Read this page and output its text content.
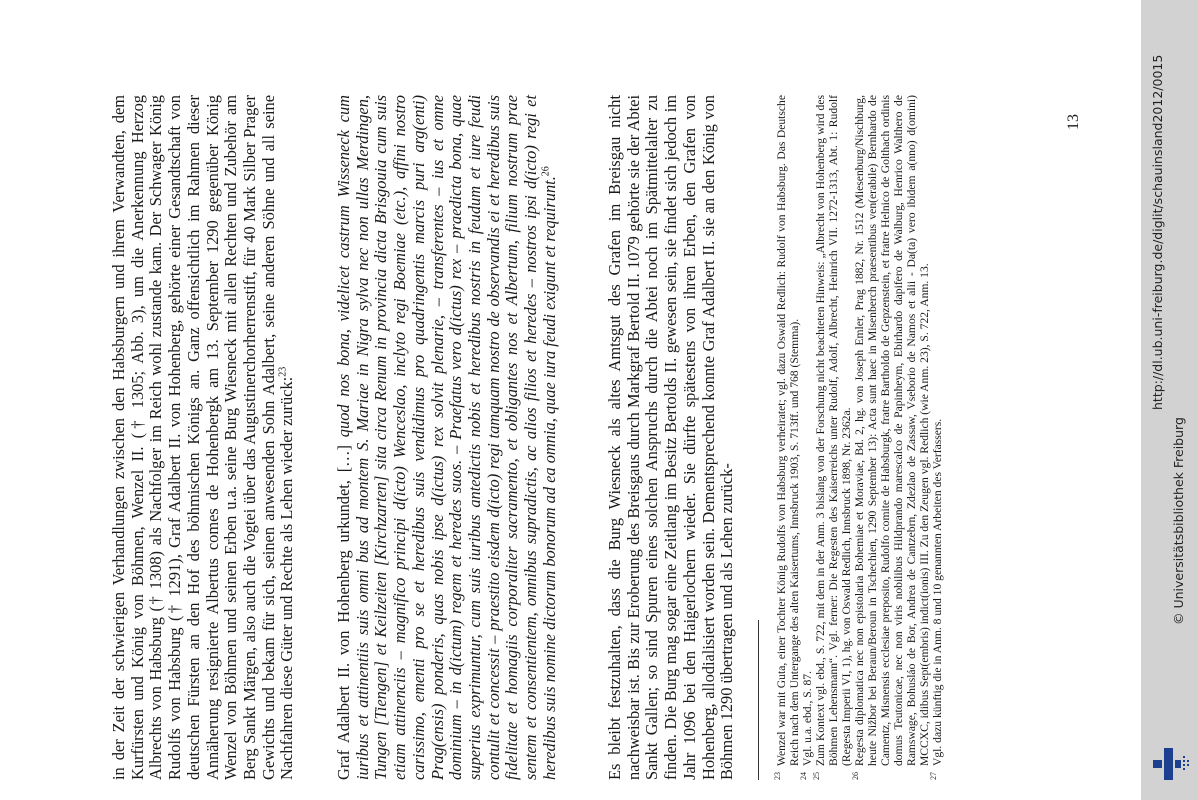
http://dl.ub.uni-freiburg.de/diglit/schauinsland2012/0015
© Universitätsbibliothek Freiburg

in der Zeit der schwierigen Verhandlungen zwischen den Habsburgern und ihrem Verwandten, dem Kurfürsten und König von Böhmen, Wenzel II. († 1305; Abb. 3), um die Anerkennung Herzog Albrechts von Habsburg († 1308) als Nachfolger im Reich wohl zustande kam. Der Schwager König Rudolfs von Habsburg († 1291), Graf Adalbert II. von Hohenberg, gehörte einer Gesandtschaft von deutschen Fürsten an den Hof des böhmischen Königs an. Ganz offensichtlich im Rahmen dieser Annäherung resignierte Albertus comes de Hohenbergk am 13. September 1290 gegenüber König Wenzel von Böhmen und seinen Erben u.a. seine Burg Wiesneck mit allen Rechten und Zubehör am Berg Sankt Märgen, also auch die Vogtei über das Augustinerchorherrenstift, für 40 Mark Silber Prager Gewichts und bekam für sich, seinen anwesenden Sohn Adalbert, seine anderen Söhne und all seine Nachfahren diese Güter und Rechte als Lehen wieder zurück:$^{23}$

Graf Adalbert II. von Hohenberg urkundet, […] quod nos bona, videlicet castrum Wisseneck cum iuribus et attinentiis suis omni bus ad montem S. Mariae in Nigra sylva nec non ullas Merdingen, Tungen [Tiengen] et Keilzeiten [Kirchzarten] sita circa Renum in provincia dicta Brisgouia cum suis etiam attinenciis – magnifico principi d(icto) Wenceslao, inclyto regi Boemiae (etc.), affini nostro carissimo, ementi pro se et heredibus suis vendidimus pro quadringentis marcis puri arg(enti) Prag(ensis) ponderis, quas nobis ipse d(ictus) rex solvit plenarie, – transferentes – ius et omne dominium – in d(ictum) regem et heredes suos. – Praefatus vero d(ictus) rex – praedicta bona, quae superius exprimuntur, cum suis iuribus antedictis nobis et heredibus nostris in feudum et iure feudi contulit et concessit – praestito eisdem d(icto) regi tamquam nostro de observandis ei et heredibus suis fidelitate et homagiis corporaliter sacramento, et obligantes nos et Albertum, filium nostrum prae sentem et consentientem, omnibus supradictis, ac alios filios et heredes – nostros ipsi d(icto) regi et heredibus suis nomine dictorum bonorum ad ea omnia, quae iura feudi exigunt et requirunt.$^{26}$	Es bleibt festzuhalten, dass die Burg Wiesneck als altes Amtsgut des Grafen im Breisgau nicht nachweisbar ist. Bis zur Eroberung des Breisgaus durch Markgraf Bertold II. 1079 gehörte sie der Abtei Sankt Gallen; so sind Spuren eines solchen Anspruchs durch die Abtei noch im Spätmittelalter zu finden. Die Burg mag sogar eine Zeitlang im Besitz Bertolds II. gewesen sein, sie findet sich jedoch im Jahr 1096 bei den Haigerlochern wieder. Sie dürfte spätestens von ihren Erben, den Grafen von Hohenberg, allodialisiert worden sein. Dementsprechend konnte Graf Adalbert II. sie an den König von Böhmen 1290 übertragen und als Lehen zurück-	23Wenzel war mit Guta, einer Tochter König Rudolfs von Habsburg verheiratet; vgl. dazu Oswald Redlich: Rudolf von Habsburg. Das Deutsche Reich nach dem Untergange des alten Kaisertums, Innsbruck 1903, S. 713ff. und 768 (Stemma).

24Vgl. u.a. ebd., S. 87.

25Zum Kontext vgl. ebd., S. 722, mit dem in der Anm. 3 bislang von der Forschung nicht beachteten Hinweis: „Albrecht von Hohenberg wird des Böhmen Lehensmann“. Vgl. ferner: Die Regesten des Kaiserreichs unter Rudolf, Adolf, Albrecht, Heinrich VII. 1272-1313, Abt. 1: Rudolf (Regesta Imperii VI, 1), hg. von Oswald Redlich, Innsbruck 1898, Nr. 2362a.

26Regesta diplomatica nec non epistolaria Bohemiae et Moraviae, Bd. 2, hg. von Joseph Emler, Prag 1882, Nr. 1512 (Miesenburg/Nischburg, heute Nižbor bei Beraun/Beroun in Tschechien, 1290 September 13): Acta sunt haec in Misenberch praesentibus ven(erabile) Bernhardo de Camentz, Misnensis ecclesiae preposito, Rudolfo comite de Habsburgk, fratre Bartholdo de Gepzenstein, et fratre Helnico de Golthach ordinis domus Teutonicae, nec non viris nobilibus Hildprando marescalco de Papinheym, Ebirhardo dapifero de Walburg, Henrico Walthero de Ramswage, Bohusláo de Bor, Andrea de Cantzebrn, Zdezlao de Zassaw, Vseborio de Namos et alii - Da(ta) vero ibidem a(nno) d(omini) MCCXC, idibus Sept(embris) indict(ionis) III. Zu den Zeugen vgl. Redlich (wie Anm. 23), S. 722, Anm. 13.

27Vgl. dazu künftig die in Anm. 8 und 10 genannten Arbeiten des Verfassers.

13
